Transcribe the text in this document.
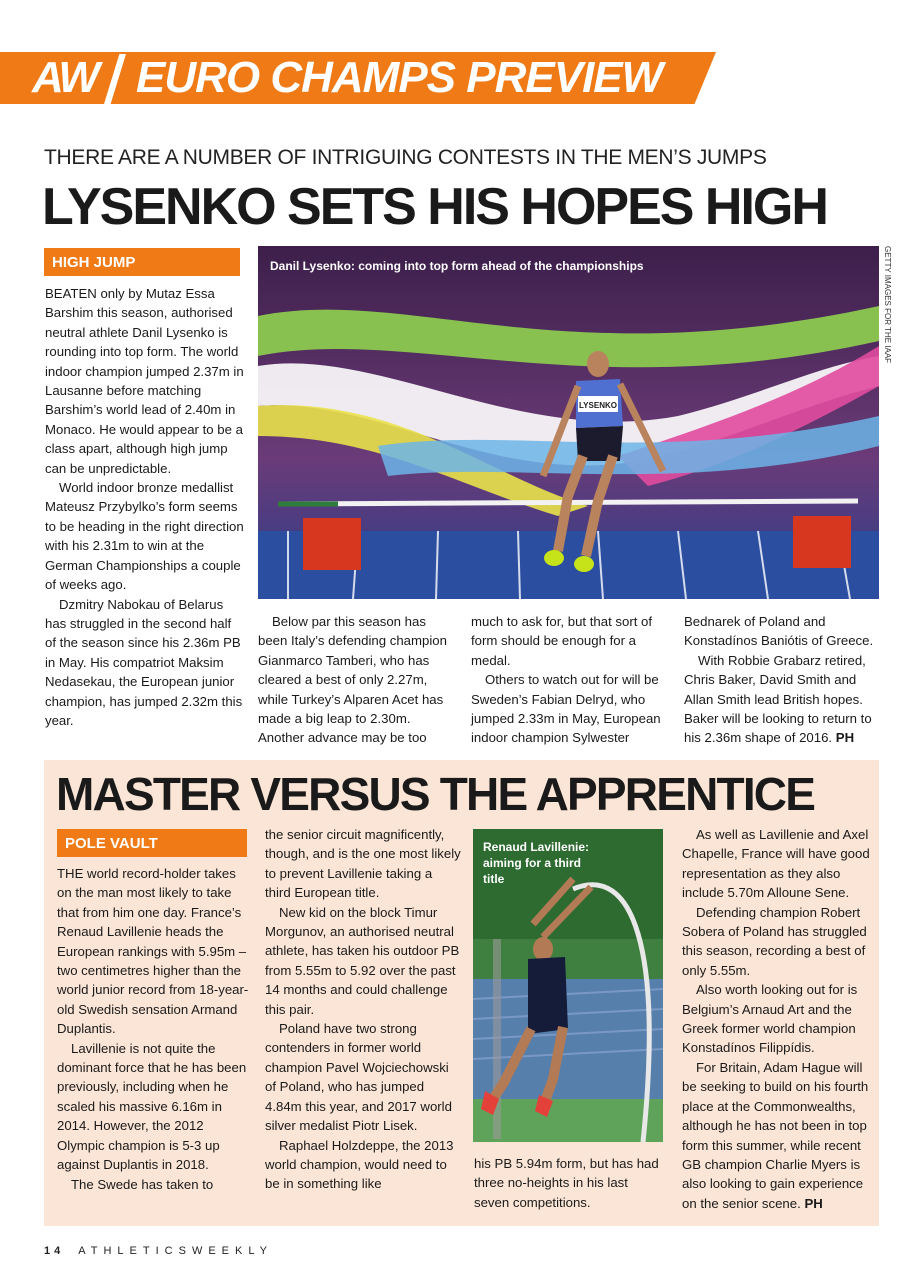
AW EURO CHAMPS PREVIEW
THERE ARE A NUMBER OF INTRIGUING CONTESTS IN THE MEN’S JUMPS
LYSENKO SETS HIS HOPES HIGH
HIGH JUMP

BEATEN only by Mutaz Essa Barshim this season, authorised neutral athlete Danil Lysenko is rounding into top form. The world indoor champion jumped 2.37m in Lausanne before matching Barshim’s world lead of 2.40m in Monaco. He would appear to be a class apart, although high jump can be unpredictable.

World indoor bronze medallist Mateusz Przybylko’s form seems to be heading in the right direction with his 2.31m to win at the German Championships a couple of weeks ago.

Dzmitry Nabokau of Belarus has struggled in the second half of the season since his 2.36m PB in May. His compatriot Maksim Nedasekau, the European junior champion, has jumped 2.32m this year.

LYSENKO
Danil Lysenko: coming into top form ahead of the championships	GETTY IMAGES FOR THE IAAF

Below par this season has been Italy’s defending champion Gianmarco Tamberi, who has cleared a best of only 2.27m, while Turkey’s Alparen Acet has made a big leap to 2.30m. Another advance may be too

much to ask for, but that sort of form should be enough for a medal.

Others to watch out for will be Sweden’s Fabian Delryd, who jumped 2.33m in May, European indoor champion Sylwester

Bednarek of Poland and Konstadínos Baniótis of Greece.

With Robbie Grabarz retired, Chris Baker, David Smith and Allan Smith lead British hopes. Baker will be looking to return to his 2.36m shape of 2016. PH

MASTER VERSUS THE APPRENTICE
POLE VAULT

THE world record-holder takes on the man most likely to take that from him one day. France’s Renaud Lavillenie heads the European rankings with 5.95m – two centimetres higher than the world junior record from 18-year-old Swedish sensation Armand Duplantis.

Lavillenie is not quite the dominant force that he has been previously, including when he scaled his massive 6.16m in 2014. However, the 2012 Olympic champion is 5-3 up against Duplantis in 2018.

The Swede has taken to

the senior circuit magnificently, though, and is the one most likely to prevent Lavillenie taking a third European title.

New kid on the block Timur Morgunov, an authorised neutral athlete, has taken his outdoor PB from 5.55m to 5.92 over the past 14 months and could challenge this pair.

Poland have two strong contenders in former world champion Pavel Wojciechowski of Poland, who has jumped 4.84m this year, and 2017 world silver medalist Piotr Lisek.

Raphael Holzdeppe, the 2013 world champion, would need to be in something like

Renaud Lavillenie: aiming for a third title

his PB 5.94m form, but has had three no-heights in his last seven competitions.

As well as Lavillenie and Axel Chapelle, France will have good representation as they also include 5.70m Alloune Sene.

Defending champion Robert Sobera of Poland has struggled this season, recording a best of only 5.55m.

Also worth looking out for is Belgium’s Arnaud Art and the Greek former world champion Konstadínos Filippídis.

For Britain, Adam Hague will be seeking to build on his fourth place at the Commonwealths, although he has not been in top form this summer, while recent GB champion Charlie Myers is also looking to gain experience on the senior scene. PH

14 ATHLETICSWEEKLY
